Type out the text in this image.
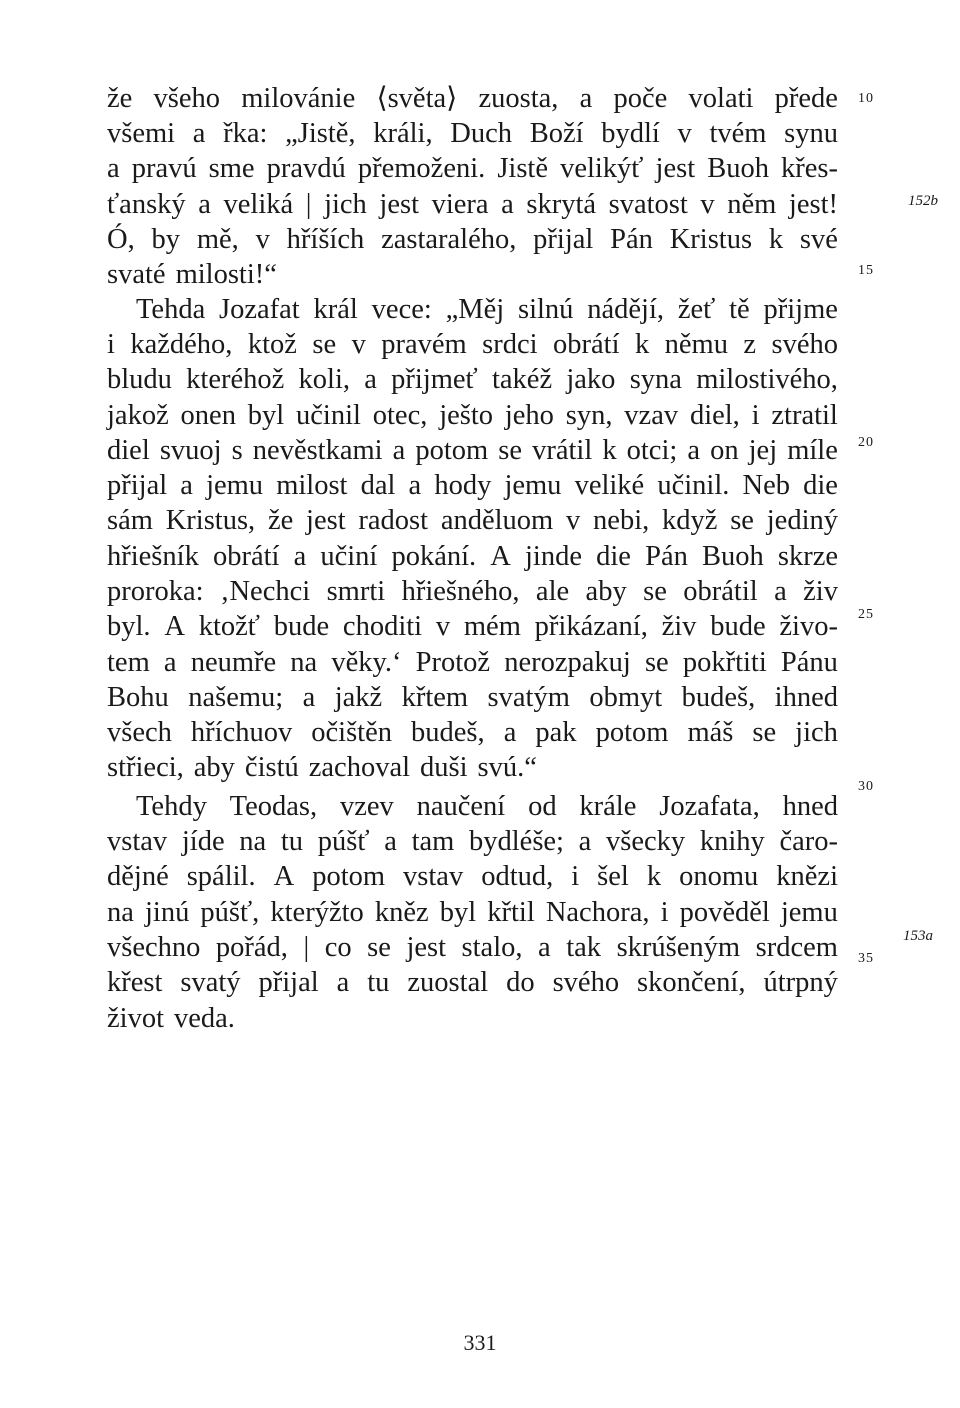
že všeho milovánie ⟨světa⟩ zuosta, a poče volati přede
všemi a řka: „Jistě, králi, Duch Boží bydlí v tvém synu
a pravú sme pravdú přemoženi. Jistě velikýť jest Buoh křes-
ťanský a veliká | jich jest viera a skrytá svatost v něm jest!
Ó, by mě, v hříších zastaralého, přijal Pán Kristus k své
svaté milosti!“
Tehda Jozafat král vece: „Měj silnú nádějí, žeť tě přijme
i každého, ktož se v pravém srdci obrátí k němu z svého
bludu kteréhož koli, a přijmeť takéž jako syna milostivého,
jakož onen byl učinil otec, ješto jeho syn, vzav diel, i ztratil
diel svuoj s nevěstkami a potom se vrátil k otci; a on jej míle
přijal a jemu milost dal a hody jemu veliké učinil. Neb die
sám Kristus, že jest radost anděluom v nebi, když se jediný
hřiešník obrátí a učiní pokání. A jinde die Pán Buoh skrze
proroka: ‚Nechci smrti hřiešného, ale aby se obrátil a živ
byl. A ktožť bude choditi v mém přikázaní, živ bude živo-
tem a neumře na věky.‘ Protož nerozpakuj se pokřtiti Pánu
Bohu našemu; a jakž křtem svatým obmyt budeš, ihned
všech hříchuov očištěn budeš, a pak potom máš se jich
střieci, aby čistú zachoval duši svú.“
Tehdy Teodas, vzev naučení od krále Jozafata, hned
vstav jíde na tu púšť a tam bydléše; a všecky knihy čaro-
dějné spálil. A potom vstav odtud, i šel k onomu knězi
na jinú púšť, kterýžto kněz byl křtil Nachora, i pověděl jemu
všechno pořád, | co se jest stalo, a tak skrúšeným srdcem
křest svatý přijal a tu zuostal do svého skončení, útrpný
život veda.
10
15
20
25
30
35
152b
153a
331
